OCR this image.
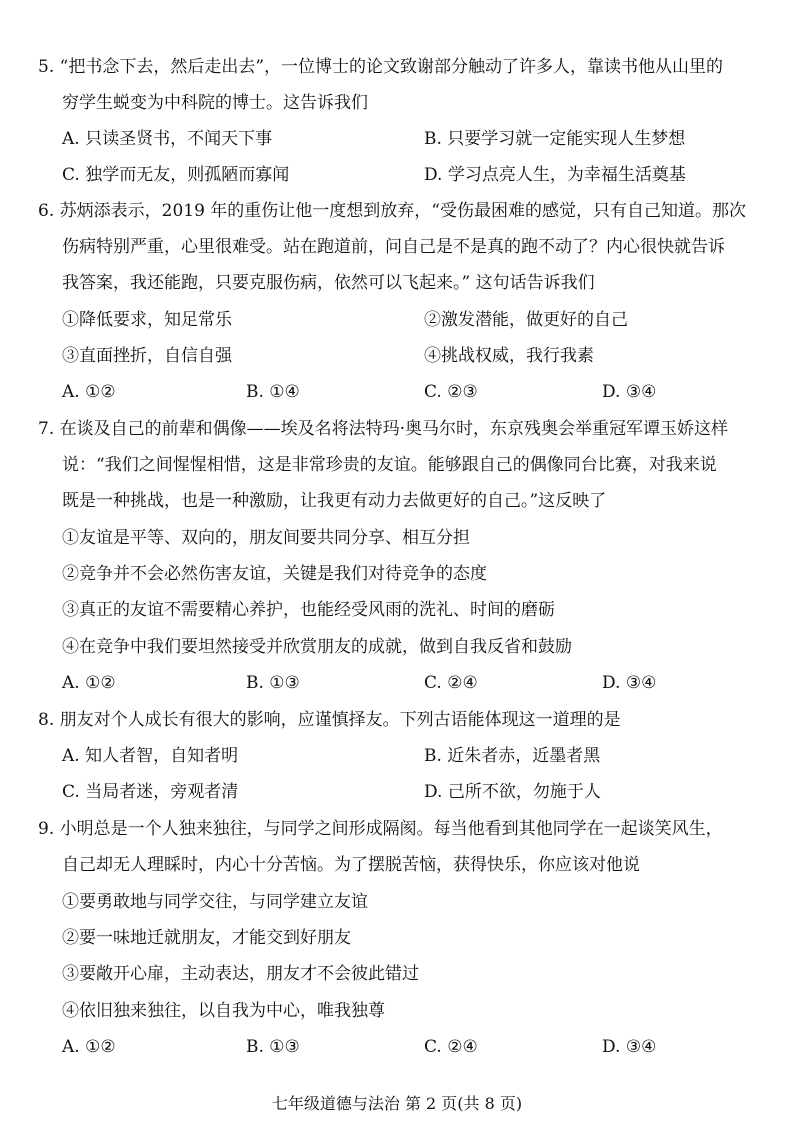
5. “把书念下去，然后走出去”，一位博士的论文致谢部分触动了许多人，靠读书他从山里的
穷学生蜕变为中科院的博士。这告诉我们
A. 只读圣贤书，不闻天下事	B. 只要学习就一定能实现人生梦想
C. 独学而无友，则孤陋而寡闻	D. 学习点亮人生，为幸福生活奠基
6. 苏炳添表示，2019 年的重伤让他一度想到放弃，“受伤最困难的感觉，只有自己知道。那次
伤病特别严重，心里很难受。站在跑道前，问自己是不是真的跑不动了？内心很快就告诉
我答案，我还能跑，只要克服伤病，依然可以飞起来。” 这句话告诉我们
①降低要求，知足常乐	②激发潜能，做更好的自己
③直面挫折，自信自强	④挑战权威，我行我素
A. ①②	B. ①④	C. ②③	D. ③④
7. 在谈及自己的前辈和偶像——埃及名将法特玛·奥马尔时，东京残奥会举重冠军谭玉娇这样
说：“我们之间惺惺相惜，这是非常珍贵的友谊。能够跟自己的偶像同台比赛，对我来说
既是一种挑战，也是一种激励，让我更有动力去做更好的自己。”这反映了
①友谊是平等、双向的，朋友间要共同分享、相互分担
②竞争并不会必然伤害友谊，关键是我们对待竞争的态度
③真正的友谊不需要精心养护，也能经受风雨的洗礼、时间的磨砺
④在竞争中我们要坦然接受并欣赏朋友的成就，做到自我反省和鼓励
A. ①②	B. ①③	C. ②④	D. ③④
8. 朋友对个人成长有很大的影响，应谨慎择友。下列古语能体现这一道理的是
A. 知人者智，自知者明	B. 近朱者赤，近墨者黑
C. 当局者迷，旁观者清	D. 己所不欲，勿施于人
9. 小明总是一个人独来独往，与同学之间形成隔阂。每当他看到其他同学在一起谈笑风生，
自己却无人理睬时，内心十分苦恼。为了摆脱苦恼，获得快乐，你应该对他说
①要勇敢地与同学交往，与同学建立友谊
②要一味地迁就朋友，才能交到好朋友
③要敞开心扉，主动表达，朋友才不会彼此错过
④依旧独来独往，以自我为中心，唯我独尊
A. ①②	B. ①③	C. ②④	D. ③④
七年级道德与法治 第 2 页(共 8 页)
